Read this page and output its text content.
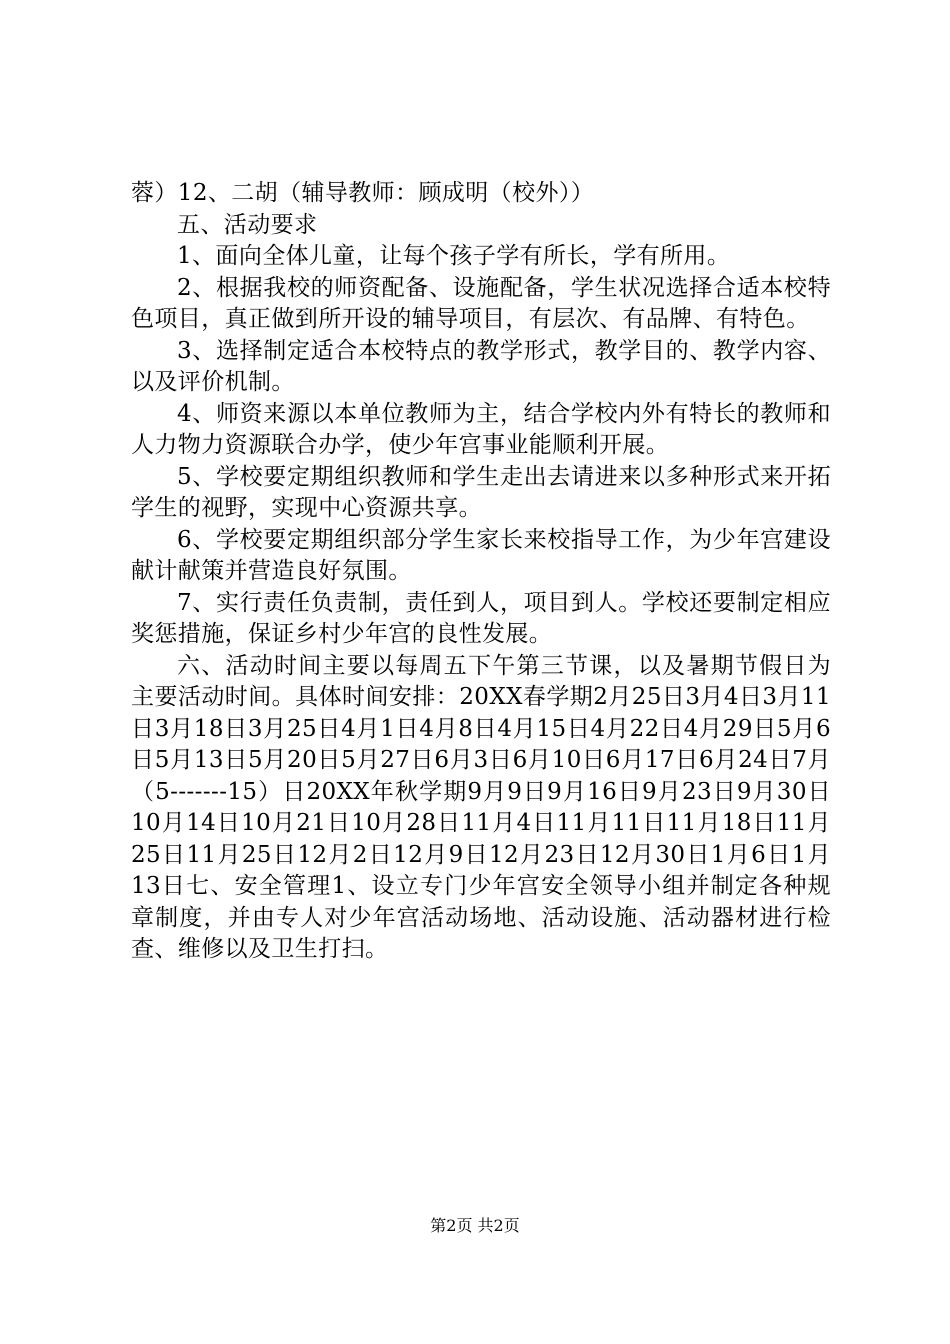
蓉）12、二胡（辅导教师：顾成明（校外））

五、活动要求

1、面向全体儿童，让每个孩子学有所长，学有所用。

2、根据我校的师资配备、设施配备，学生状况选择合适本校特色项目，真正做到所开设的辅导项目，有层次、有品牌、有特色。

3、选择制定适合本校特点的教学形式，教学目的、教学内容、以及评价机制。

4、师资来源以本单位教师为主，结合学校内外有特长的教师和人力物力资源联合办学，使少年宫事业能顺利开展。

5、学校要定期组织教师和学生走出去请进来以多种形式来开拓学生的视野，实现中心资源共享。

6、学校要定期组织部分学生家长来校指导工作，为少年宫建设献计献策并营造良好氛围。

7、实行责任负责制，责任到人，项目到人。学校还要制定相应奖惩措施，保证乡村少年宫的良性发展。

六、活动时间主要以每周五下午第三节课，以及暑期节假日为主要活动时间。具体时间安排：20XX春学期2月25日3月4日3月11日3月18日3月25日4月1日4月8日4月15日4月22日4月29日5月6日5月13日5月20日5月27日6月3日6月10日6月17日6月24日7月（5-------15）日20XX年秋学期9月9日9月16日9月23日9月30日10月14日10月21日10月28日11月4日11月11日11月18日11月25日11月25日12月2日12月9日12月23日12月30日1月6日1月13日七、安全管理1、设立专门少年宫安全领导小组并制定各种规章制度，并由专人对少年宫活动场地、活动设施、活动器材进行检查、维修以及卫生打扫。

第2页 共2页
